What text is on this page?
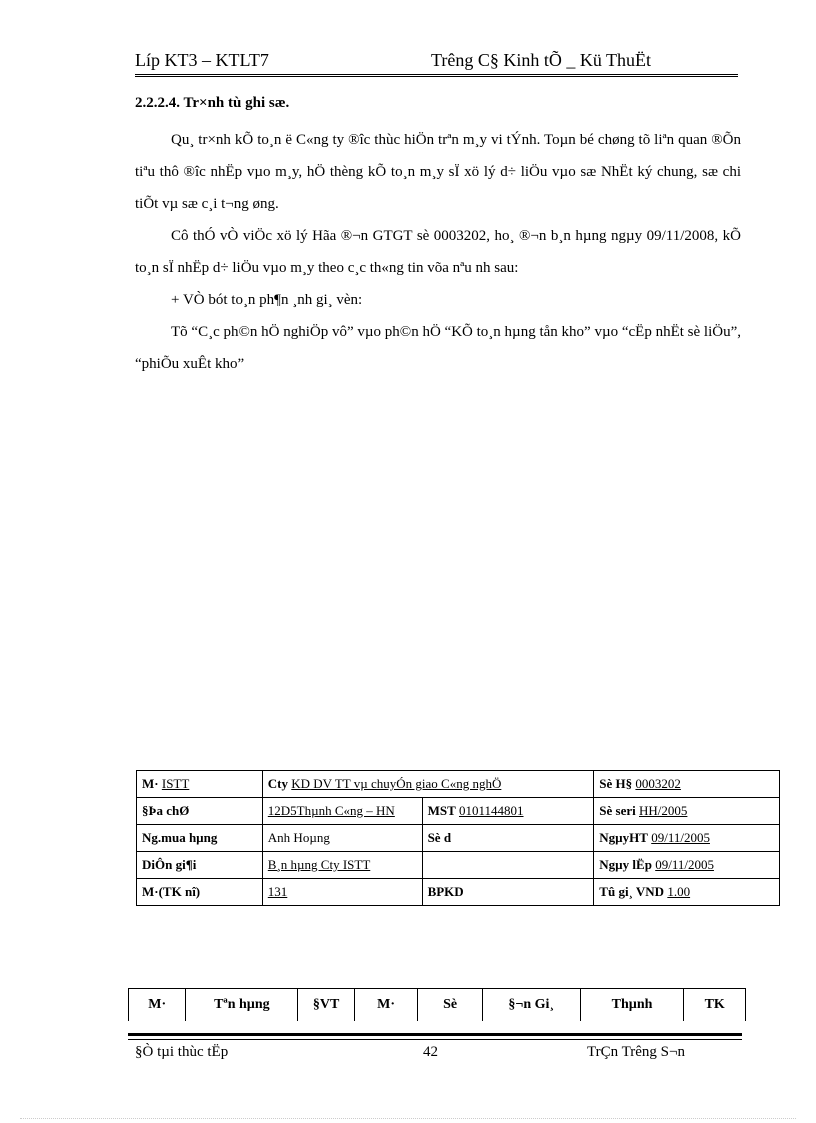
Líp KT3 – KTLT7	Trêng C§ Kinh tÕ _ Kü ThuËt
2.2.2.4. Tr×nh tù ghi sæ.

Qu¸ tr×nh kÕ to¸n ë C«ng ty ®îc thùc hiÖn trªn m¸y vi tÝnh. Toµn bé chøng tõ liªn quan ®Õn tiªu thô ®îc nhËp vµo m¸y, hÖ thèng kÕ to¸n m¸y sÏ xö lý d÷ liÖu vµo sæ NhËt ký chung, sæ chi tiÕt vµ sæ c¸i t¬ng øng.

Cô thÓ vÒ viÖc xö lý Hãa ®¬n GTGT sè 0003202, ho¸ ®¬n b¸n hµng ngµy 09/11/2008, kÕ to¸n sÏ nhËp d÷ liÖu vµo m¸y theo c¸c th«ng tin võa nªu nh sau:

+ VÒ bót to¸n ph¶n ¸nh gi¸ vèn:

Tõ “C¸c ph©n hÖ nghiÖp vô” vµo ph©n hÖ “KÕ to¸n hµng tån kho” vµo “cËp nhËt sè liÖu”, “phiÕu xuÊt kho”

M· ISTT	Cty KD DV TT vµ chuyÓn giao C«ng nghÖ		Sè H§ 0003202
§Þa chØ	12D5Thµnh C«ng – HN	MST 0101144801	Sè seri HH/2005
Ng.mua hµng	Anh Hoµng	Sè d	NgµyHT 09/11/2005
DiÔn gi¶i	B¸n hµng Cty ISTT		Ngµy lËp 09/11/2005
M·(TK nî)	131	BPKD	Tû gi¸ VND 1.00
M·	Tªn hµng	§VT	M·	Sè	§¬n Gi¸	Thµnh	TK
§Ò tµi thùc tËp	42	TrÇn Trêng S¬n
